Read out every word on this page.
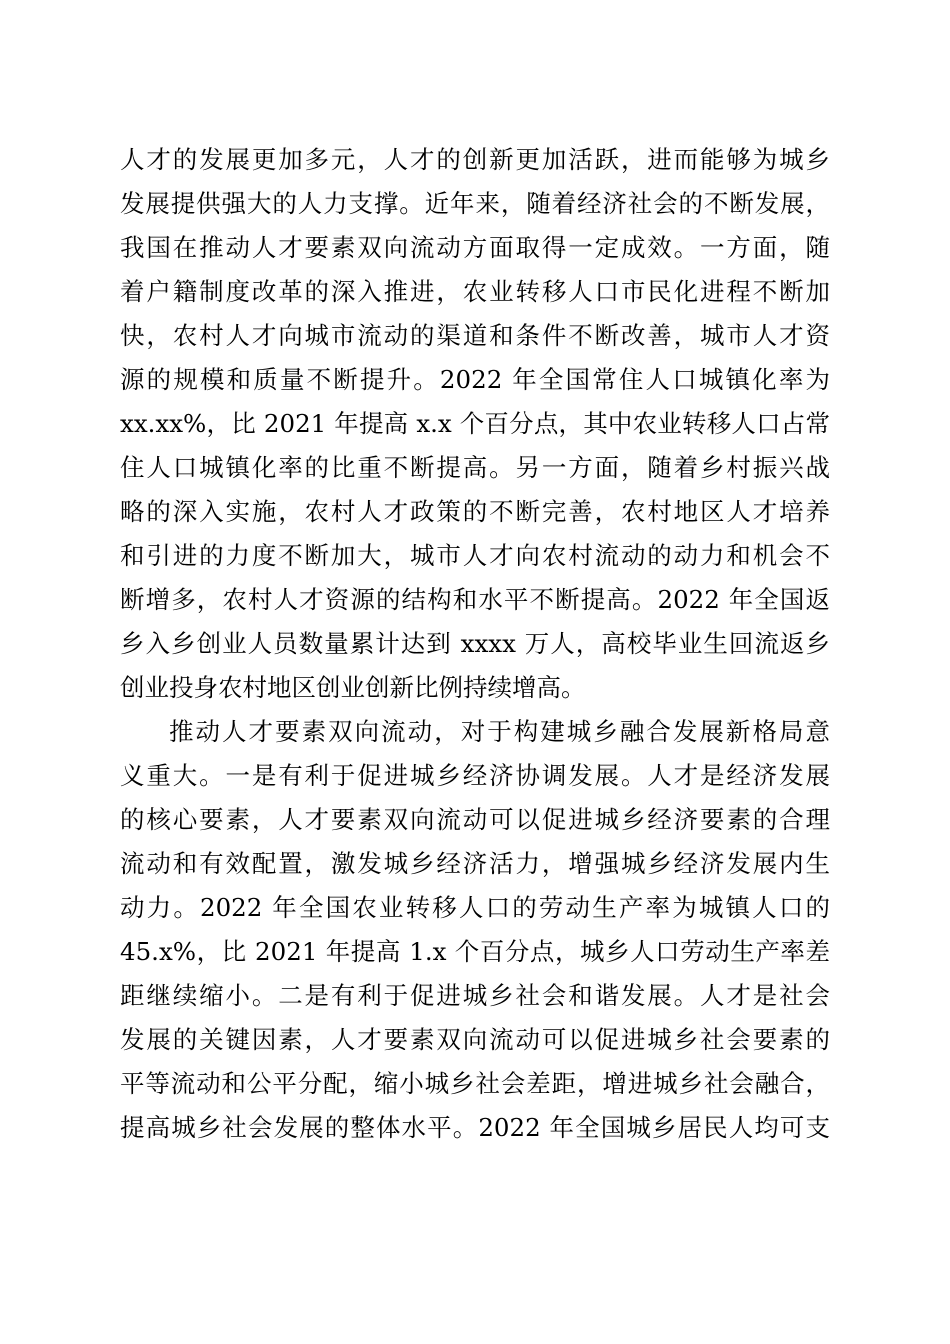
人才的发展更加多元，人才的创新更加活跃，进而能够为城乡
发展提供强大的人力支撑。近年来，随着经济社会的不断发展，
我国在推动人才要素双向流动方面取得一定成效。一方面，随
着户籍制度改革的深入推进，农业转移人口市民化进程不断加
快，农村人才向城市流动的渠道和条件不断改善，城市人才资
源的规模和质量不断提升。2022 年全国常住人口城镇化率为
xx.xx%，比 2021 年提高 x.x 个百分点，其中农业转移人口占常
住人口城镇化率的比重不断提高。另一方面，随着乡村振兴战
略的深入实施，农村人才政策的不断完善，农村地区人才培养
和引进的力度不断加大，城市人才向农村流动的动力和机会不
断增多，农村人才资源的结构和水平不断提高。2022 年全国返
乡入乡创业人员数量累计达到 xxxx 万人，高校毕业生回流返乡
创业投身农村地区创业创新比例持续增高。
推动人才要素双向流动，对于构建城乡融合发展新格局意
义重大。一是有利于促进城乡经济协调发展。人才是经济发展
的核心要素，人才要素双向流动可以促进城乡经济要素的合理
流动和有效配置，激发城乡经济活力，增强城乡经济发展内生
动力。2022 年全国农业转移人口的劳动生产率为城镇人口的
45.x%，比 2021 年提高 1.x 个百分点，城乡人口劳动生产率差
距继续缩小。二是有利于促进城乡社会和谐发展。人才是社会
发展的关键因素，人才要素双向流动可以促进城乡社会要素的
平等流动和公平分配，缩小城乡社会差距，增进城乡社会融合，
提高城乡社会发展的整体水平。2022 年全国城乡居民人均可支
